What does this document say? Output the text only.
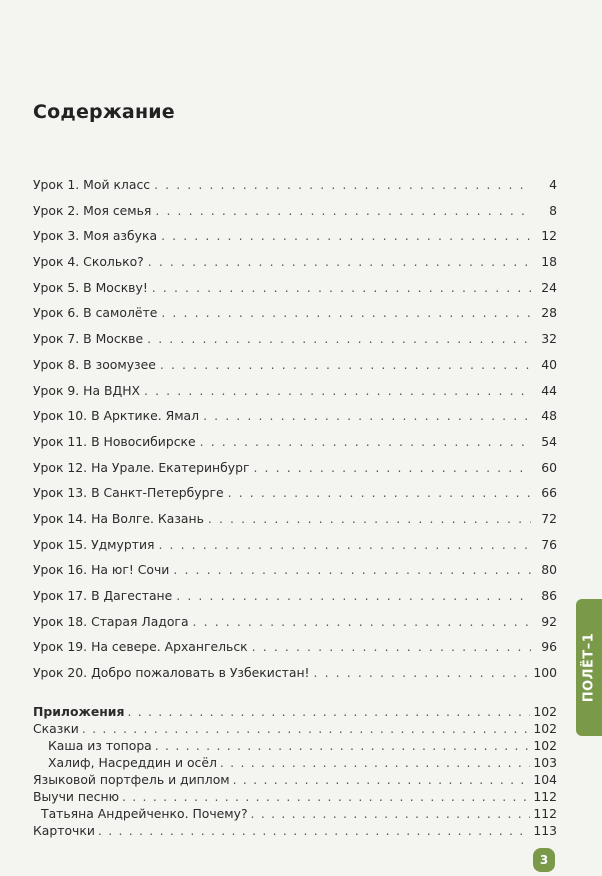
Содержание
Урок 1. Мой класс . . .	4
Урок 2. Моя семья . . .	8
Урок 3. Моя азбука . . .	12
Урок 4. Сколько? . . .	18
Урок 5. В Москву! . . .	24
Урок 6. В самолёте . . .	28
Урок 7. В Москве . . .	32
Урок 8. В зоомузее . . .	40
Урок 9. На ВДНХ . . .	44
Урок 10. В Арктике. Ямал . . .	48
Урок 11. В Новосибирске . . .	54
Урок 12. На Урале. Екатеринбург . . .	60
Урок 13. В Санкт-Петербурге . . .	66
Урок 14. На Волге. Казань . . .	72
Урок 15. Удмуртия . . .	76
Урок 16. На юг! Сочи . . .	80
Урок 17. В Дагестане . . .	86
Урок 18. Старая Ладога . . .	92
Урок 19. На севере. Архангельск . . .	96
Урок 20. Добро пожаловать в Узбекистан! . . .	100
Приложения . . .	102
Сказки . . .	102
Каша из топора . . .	102
Халиф, Насреддин и осёл . . .	103
Языковой портфель и диплом . . .	104
Выучи песню . . .	112
Татьяна Андрейченко. Почему? . . .	112
Карточки . . .	113
ПОЛЁТ–1
3
